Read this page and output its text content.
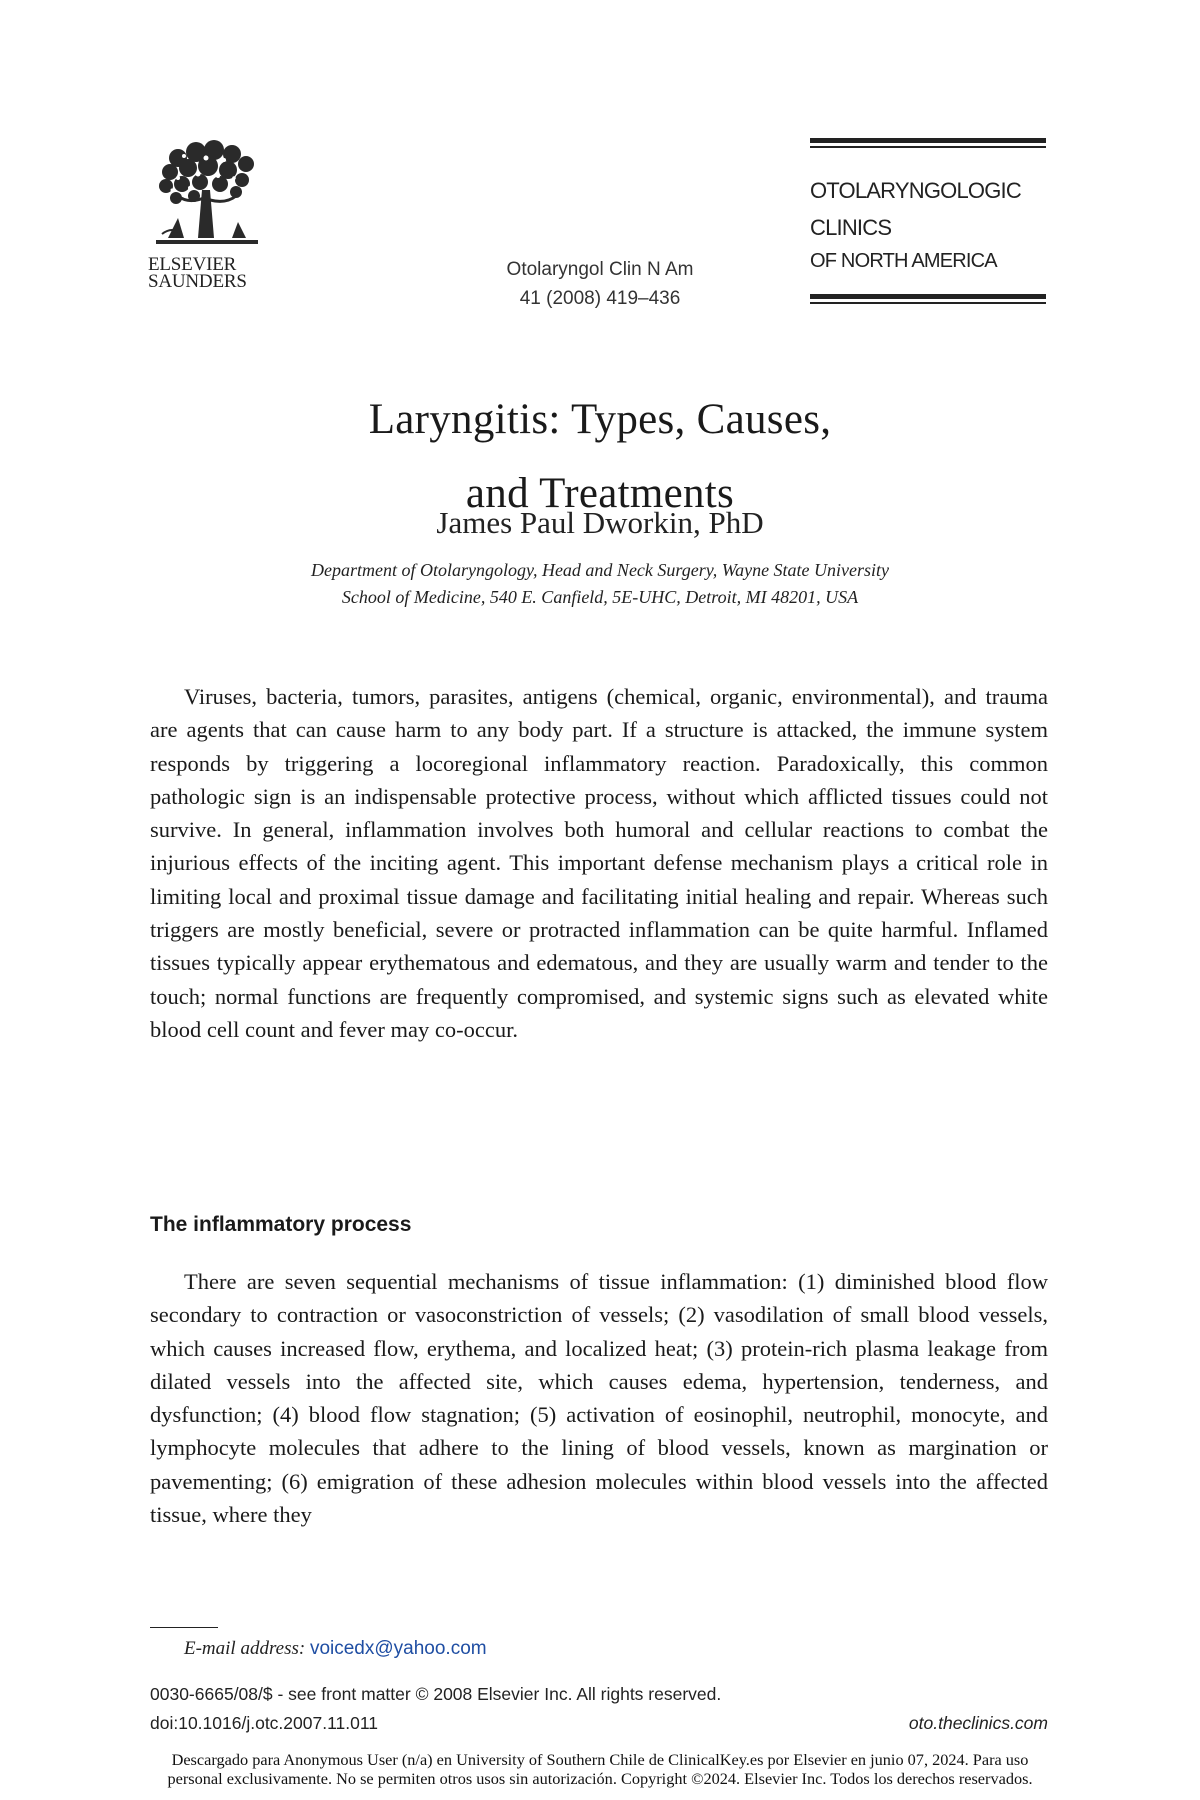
ELSEVIER
SAUNDERS
Otolaryngol Clin N Am
41 (2008) 419–436
OTOLARYNGOLOGIC
CLINICS
OF NORTH AMERICA
Laryngitis: Types, Causes,
and Treatments
James Paul Dworkin, PhD
Department of Otolaryngology, Head and Neck Surgery, Wayne State University
School of Medicine, 540 E. Canfield, 5E-UHC, Detroit, MI 48201, USA

Viruses, bacteria, tumors, parasites, antigens (chemical, organic, environmental), and trauma are agents that can cause harm to any body part. If a structure is attacked, the immune system responds by triggering a locoregional inflammatory reaction. Paradoxically, this common pathologic sign is an indispensable protective process, without which afflicted tissues could not survive. In general, inflammation involves both humoral and cellular reactions to combat the injurious effects of the inciting agent. This important defense mechanism plays a critical role in limiting local and proximal tissue damage and facilitating initial healing and repair. Whereas such triggers are mostly beneficial, severe or protracted inflammation can be quite harmful. Inflamed tissues typically appear erythematous and edematous, and they are usually warm and tender to the touch; normal functions are frequently compromised, and systemic signs such as elevated white blood cell count and fever may co-occur.

The inflammatory process

There are seven sequential mechanisms of tissue inflammation: (1) diminished blood flow secondary to contraction or vasoconstriction of vessels; (2) vasodilation of small blood vessels, which causes increased flow, erythema, and localized heat; (3) protein-rich plasma leakage from dilated vessels into the affected site, which causes edema, hypertension, tenderness, and dysfunction; (4) blood flow stagnation; (5) activation of eosinophil, neutrophil, monocyte, and lymphocyte molecules that adhere to the lining of blood vessels, known as margination or pavementing; (6) emigration of these adhesion molecules within blood vessels into the affected tissue, where they

E-mail address: voicedx@yahoo.com
0030-6665/08/$ - see front matter © 2008 Elsevier Inc. All rights reserved.
doi:10.1016/j.otc.2007.11.011	oto.theclinics.com
Descargado para Anonymous User (n/a) en University of Southern Chile de ClinicalKey.es por Elsevier en junio 07, 2024. Para uso
personal exclusivamente. No se permiten otros usos sin autorización. Copyright ©2024. Elsevier Inc. Todos los derechos reservados.
